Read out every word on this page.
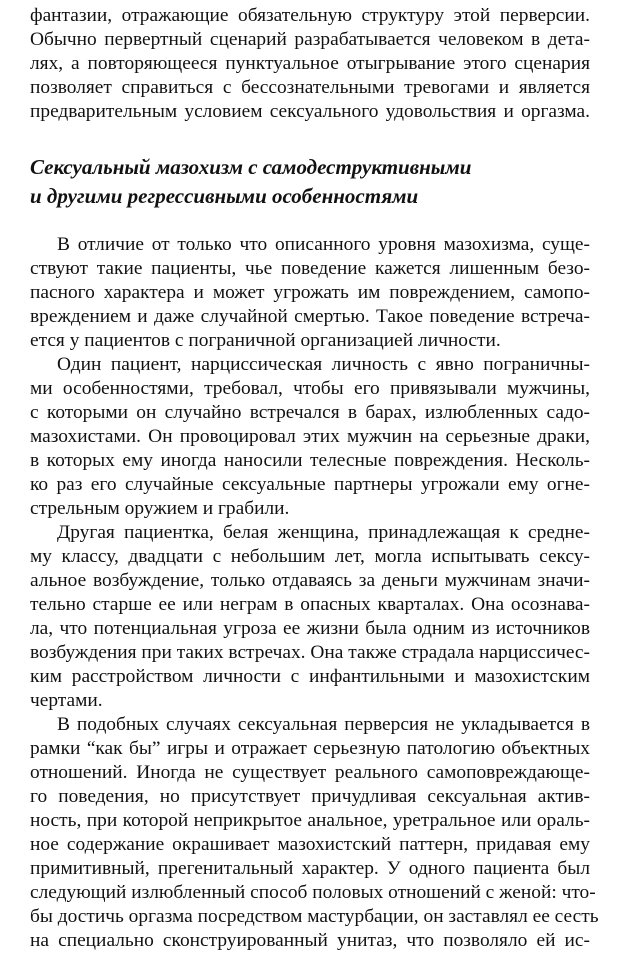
фантазии, отражающие обязательную структуру этой перверсии.
Обычно первертный сценарий разрабатывается человеком в дета-
лях, а повторяющееся пунктуальное отыгрывание этого сценария
позволяет справиться с бессознательными тревогами и является
предварительным условием сексуального удовольствия и оргазма.
Сексуальный мазохизм с самодеструктивными
и другими регрессивными особенностями
В отличие от только что описанного уровня мазохизма, суще-
ствуют такие пациенты, чье поведение кажется лишенным безо-
пасного характера и может угрожать им повреждением, самопо-
вреждением и даже случайной смертью. Такое поведение встреча-
ется у пациентов с пограничной организацией личности.
Один пациент, нарциссическая личность с явно пограничны-
ми особенностями, требовал, чтобы его привязывали мужчины,
с которыми он случайно встречался в барах, излюбленных садо-
мазохистами. Он провоцировал этих мужчин на серьезные драки,
в которых ему иногда наносили телесные повреждения. Несколь-
ко раз его случайные сексуальные партнеры угрожали ему огне-
стрельным оружием и грабили.
Другая пациентка, белая женщина, принадлежащая к средне-
му классу, двадцати с небольшим лет, могла испытывать сексу-
альное возбуждение, только отдаваясь за деньги мужчинам значи-
тельно старше ее или неграм в опасных кварталах. Она осознава-
ла, что потенциальная угроза ее жизни была одним из источников
возбуждения при таких встречах. Она также страдала нарциссичес-
ким расстройством личности с инфантильными и мазохистским
чертами.
В подобных случаях сексуальная перверсия не укладывается в
рамки “как бы” игры и отражает серьезную патологию объектных
отношений. Иногда не существует реального самоповреждающе-
го поведения, но присутствует причудливая сексуальная актив-
ность, при которой неприкрытое анальное, уретральное или ораль-
ное содержание окрашивает мазохистский паттерн, придавая ему
примитивный, прегенитальный характер. У одного пациента был
следующий излюбленный способ половых отношений с женой: что-
бы достичь оргазма посредством мастурбации, он заставлял ее сесть
на специально сконструированный унитаз, что позволяло ей ис-
